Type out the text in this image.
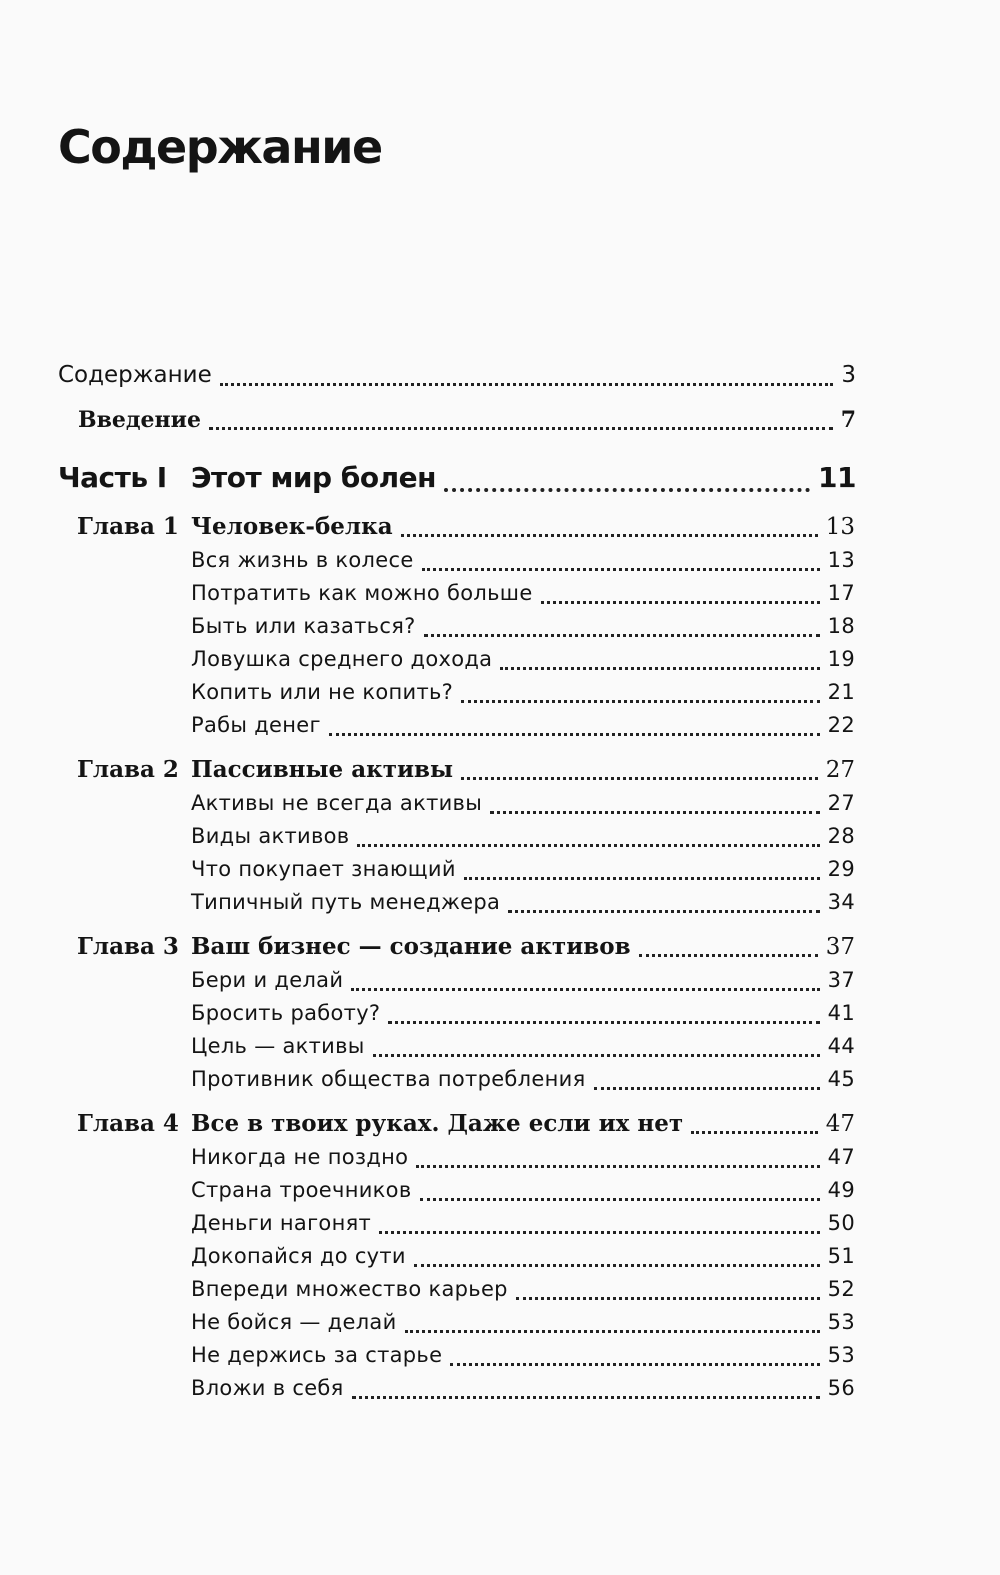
Содержание
Содержание	3
Введение	7
Часть I Этот мир болен	11
Глава 1 Человек-белка	13
Вся жизнь в колесе	13
Потратить как можно больше	17
Быть или казаться?	18
Ловушка среднего дохода	19
Копить или не копить?	21
Рабы денег	22
Глава 2 Пассивные активы	27
Активы не всегда активы	27
Виды активов	28
Что покупает знающий	29
Типичный путь менеджера	34
Глава 3 Ваш бизнес — создание активов	37
Бери и делай	37
Бросить работу?	41
Цель — активы	44
Противник общества потребления	45
Глава 4 Все в твоих руках. Даже если их нет	47
Никогда не поздно	47
Страна троечников	49
Деньги нагонят	50
Докопайся до сути	51
Впереди множество карьер	52
Не бойся — делай	53
Не держись за старье	53
Вложи в себя	56
